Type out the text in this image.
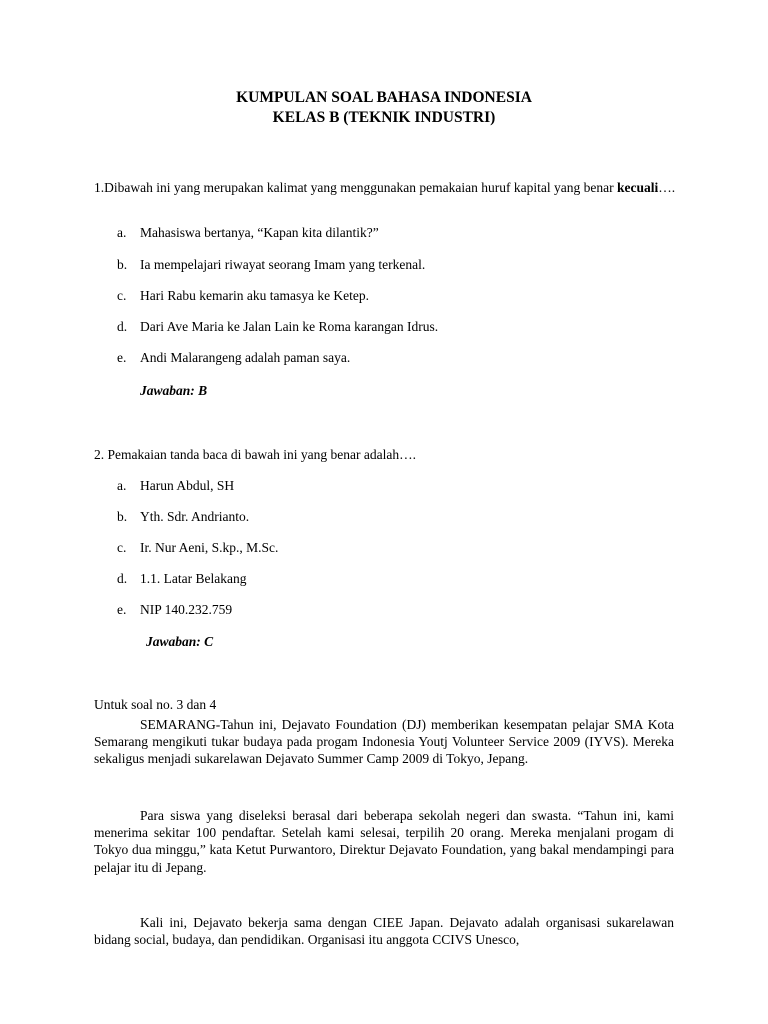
KUMPULAN SOAL BAHASA INDONESIA
KELAS B (TEKNIK INDUSTRI)
1.Dibawah ini yang merupakan kalimat yang menggunakan pemakaian huruf kapital yang benar kecuali….
a. Mahasiswa bertanya, “Kapan kita dilantik?”
b. Ia mempelajari riwayat seorang Imam yang terkenal.
c. Hari Rabu kemarin aku tamasya ke Ketep.
d. Dari Ave Maria ke Jalan Lain ke Roma karangan Idrus.
e. Andi Malarangeng adalah paman saya.
Jawaban: B
2. Pemakaian tanda baca di bawah ini yang benar adalah….
a. Harun Abdul, SH
b. Yth. Sdr. Andrianto.
c. Ir. Nur Aeni, S.kp., M.Sc.
d. 1.1. Latar Belakang
e. NIP 140.232.759
Jawaban: C
Untuk soal no. 3 dan 4
SEMARANG-Tahun ini, Dejavato Foundation (DJ) memberikan kesempatan pelajar SMA Kota Semarang mengikuti tukar budaya pada progam Indonesia Youtj Volunteer Service 2009 (IYVS). Mereka sekaligus menjadi sukarelawan Dejavato Summer Camp 2009 di Tokyo, Jepang.
Para siswa yang diseleksi berasal dari beberapa sekolah negeri dan swasta. “Tahun ini, kami menerima sekitar 100 pendaftar. Setelah kami selesai, terpilih 20 orang. Mereka menjalani progam di Tokyo dua minggu,” kata Ketut Purwantoro, Direktur Dejavato Foundation, yang bakal mendampingi para pelajar itu di Jepang.
Kali ini, Dejavato bekerja sama dengan CIEE Japan. Dejavato adalah organisasi sukarelawan bidang social, budaya, dan pendidikan. Organisasi itu anggota CCIVS Unesco,
